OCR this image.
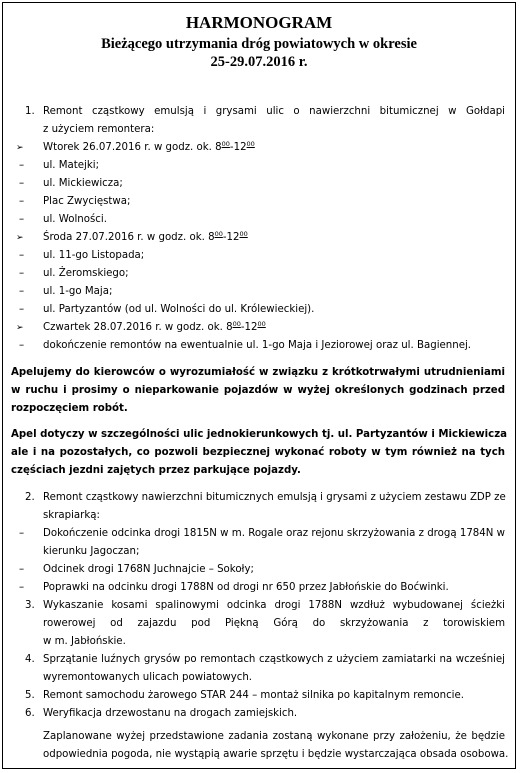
HARMONOGRAM
Bieżącego utrzymania dróg powiatowych w okresie
25-29.07.2016 r.
1. Remont cząstkowy emulsją i grysami ulic o nawierzchni bitumicznej w Gołdapi
z użyciem remontera:
➢	Wtorek 26.07.2016 r. w godz. ok. $8^{00}-12^{00}$
–	ul. Matejki;
–	ul. Mickiewicza;
–	Plac Zwycięstwa;
–	ul. Wolności.
➢	Środa 27.07.2016 r. w godz. ok. $8^{00}-12^{00}$
–	ul. 11-go Listopada;
–	ul. Żeromskiego;
–	ul. 1-go Maja;
–	ul. Partyzantów (od ul. Wolności do ul. Królewieckiej).
➢	Czwartek 28.07.2016 r. w godz. ok. $8^{00}-12^{00}$
–	dokończenie remontów na ewentualnie ul. 1-go Maja i Jeziorowej oraz ul. Bagiennej.
Apelujemy do kierowców o wyrozumiałość w związku z krótkotrwałymi utrudnieniami
w ruchu i prosimy o nieparkowanie pojazdów w wyżej określonych godzinach przed
rozpoczęciem robót.
Apel dotyczy w szczególności ulic jednokierunkowych tj. ul. Partyzantów i Mickiewicza
ale i na pozostałych, co pozwoli bezpiecznej wykonać roboty w tym również na tych
częściach jezdni zajętych przez parkujące pojazdy.
2. Remont cząstkowy nawierzchni bitumicznych emulsją i grysami z użyciem zestawu ZDP ze
skrapiarką:
–	Dokończenie odcinka drogi 1815N w m. Rogale oraz rejonu skrzyżowania z drogą 1784N w
kierunku Jagoczan;
–	Odcinek drogi 1768N Juchnajcie – Sokoły;
–	Poprawki na odcinku drogi 1788N od drogi nr 650 przez Jabłońskie do Boćwinki.
3. Wykaszanie kosami spalinowymi odcinka drogi 1788N wzdłuż wybudowanej ścieżki
rowerowej od zajazdu pod Piękną Górą do skrzyżowania z torowiskiem
w m. Jabłońskie.
4. Sprzątanie luźnych grysów po remontach cząstkowych z użyciem zamiatarki na wcześniej
wyremontowanych ulicach powiatowych.
5. Remont samochodu żarowego STAR 244 – montaż silnika po kapitalnym remoncie.
6. Weryfikacja drzewostanu na drogach zamiejskich.
Zaplanowane wyżej przedstawione zadania zostaną wykonane przy założeniu, że będzie
odpowiednia pogoda, nie wystąpią awarie sprzętu i będzie wystarczająca obsada osobowa.
